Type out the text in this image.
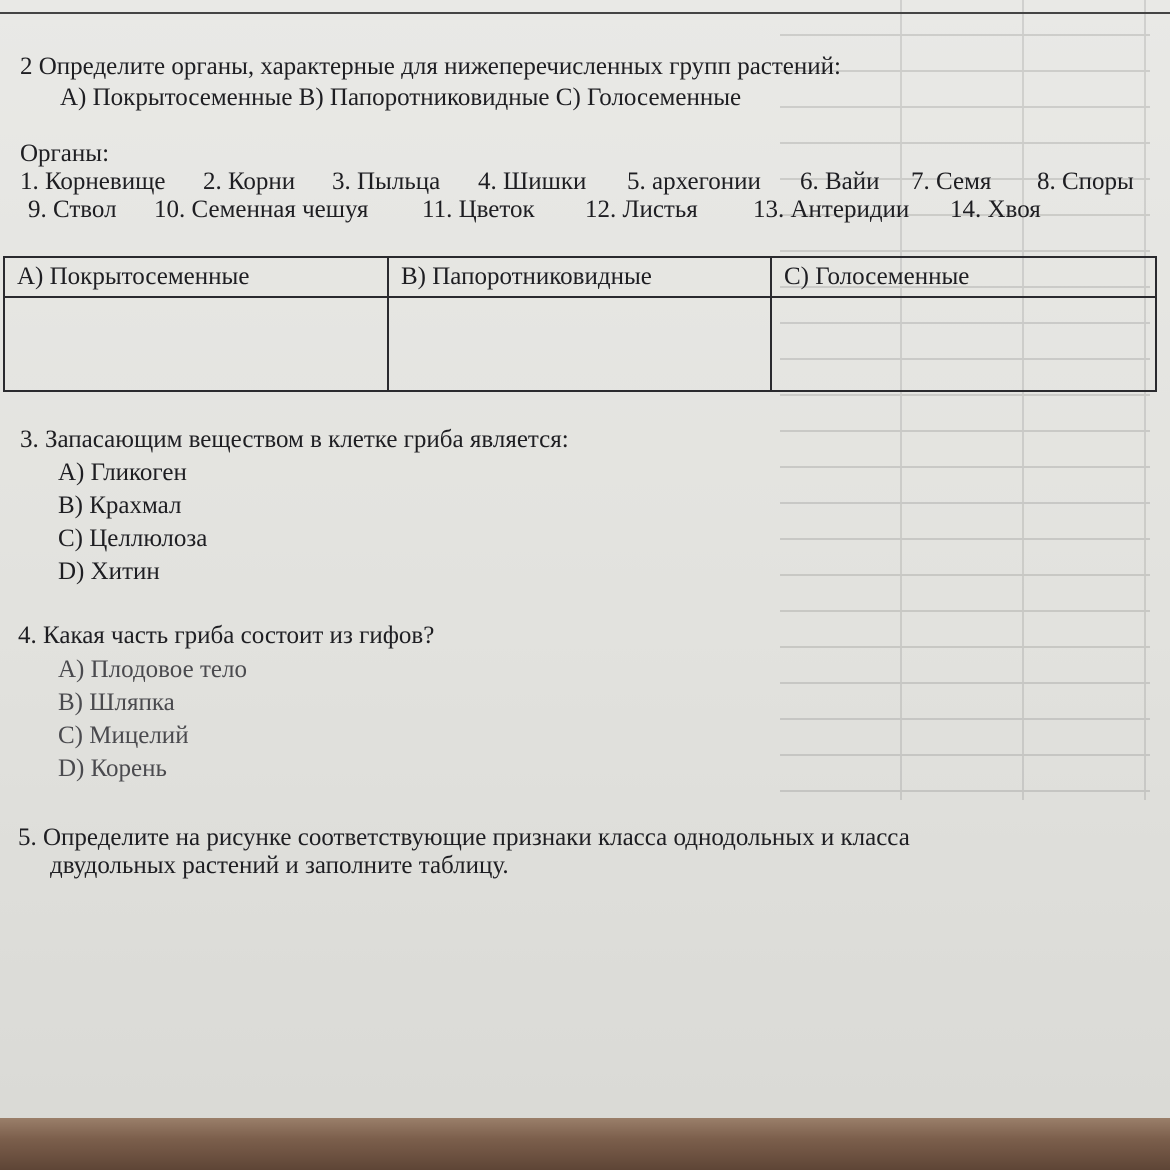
2 Определите органы, характерные для нижеперечисленных групп растений:
А) Покрытосеменные В) Папоротниковидные С) Голосеменные
Органы:
1. Корневище 2. Корни 3. Пыльца 4. Шишки 5. архегонии 6. Вайи 7. Семя 8. Споры
9. Ствол 10. Семенная чешуя 11. Цветок 12. Листья 13. Антеридии 14. Хвоя
А) Покрытосеменные	В) Папоротниковидные	С) Голосеменные

3. Запасающим веществом в клетке гриба является:
А) Гликоген
В) Крахмал
С) Целлюлоза
D) Хитин
4. Какая часть гриба состоит из гифов?
А) Плодовое тело
В) Шляпка
С) Мицелий
D) Корень
5. Определите на рисунке соответствующие признаки класса однодольных и класса
двудольных растений и заполните таблицу.
